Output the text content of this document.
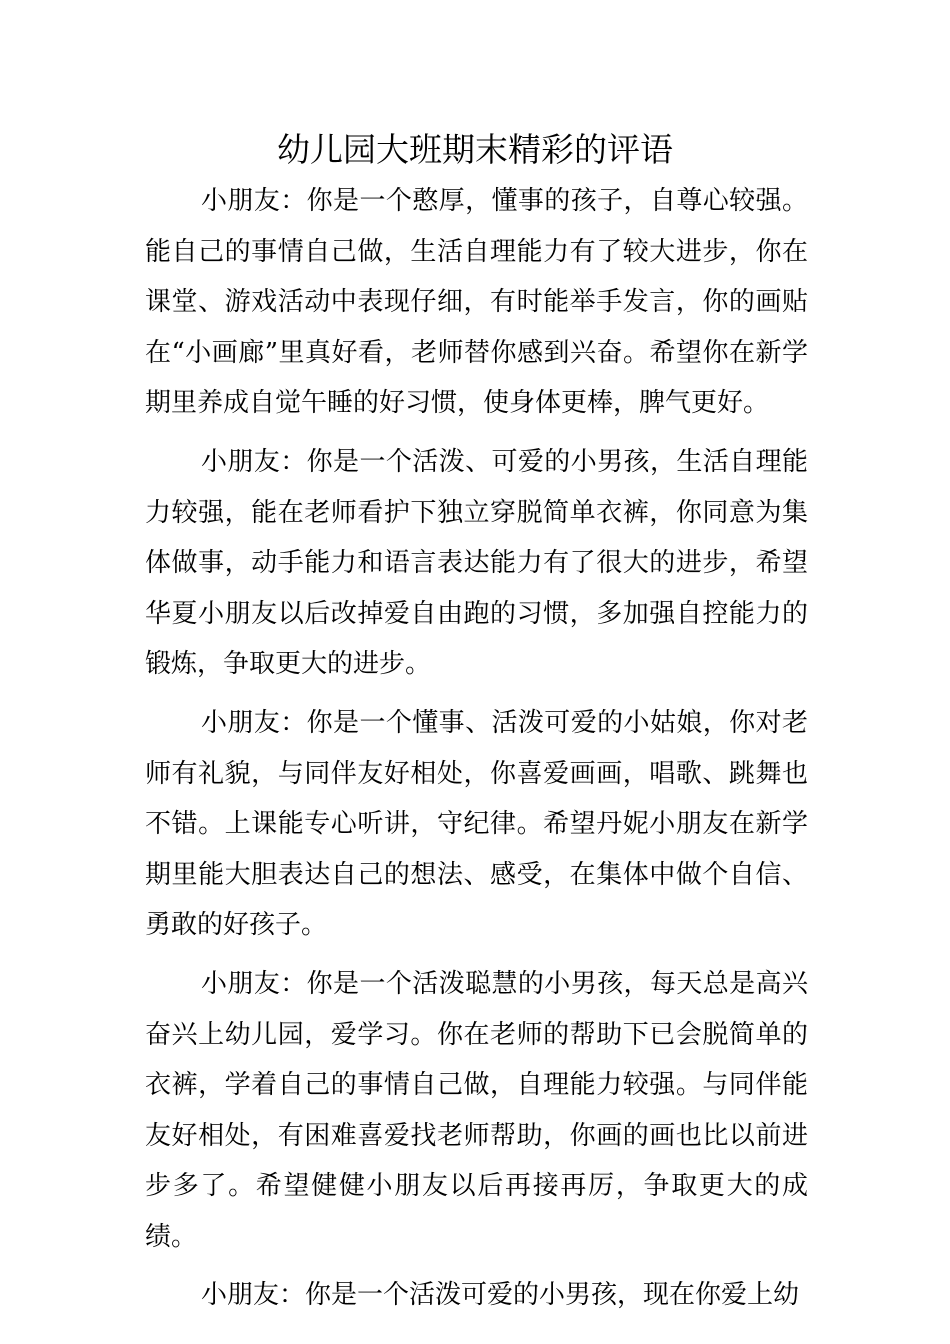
幼儿园大班期末精彩的评语

小朋友：你是一个憨厚，懂事的孩子，自尊心较强。能自己的事情自己做，生活自理能力有了较大进步，你在课堂、游戏活动中表现仔细，有时能举手发言，你的画贴在“小画廊”里真好看，老师替你感到兴奋。希望你在新学期里养成自觉午睡的好习惯，使身体更棒，脾气更好。

小朋友：你是一个活泼、可爱的小男孩，生活自理能力较强，能在老师看护下独立穿脱简单衣裤，你同意为集体做事，动手能力和语言表达能力有了很大的进步，希望华夏小朋友以后改掉爱自由跑的习惯，多加强自控能力的锻炼，争取更大的进步。

小朋友：你是一个懂事、活泼可爱的小姑娘，你对老师有礼貌，与同伴友好相处，你喜爱画画，唱歌、跳舞也不错。上课能专心听讲，守纪律。希望丹妮小朋友在新学期里能大胆表达自己的想法、感受，在集体中做个自信、勇敢的好孩子。

小朋友：你是一个活泼聪慧的小男孩，每天总是高兴奋兴上幼儿园，爱学习。你在老师的帮助下已会脱简单的衣裤，学着自己的事情自己做，自理能力较强。与同伴能友好相处，有困难喜爱找老师帮助，你画的画也比以前进步多了。希望健健小朋友以后再接再厉，争取更大的成绩。

小朋友：你是一个活泼可爱的小男孩，现在你爱上幼
